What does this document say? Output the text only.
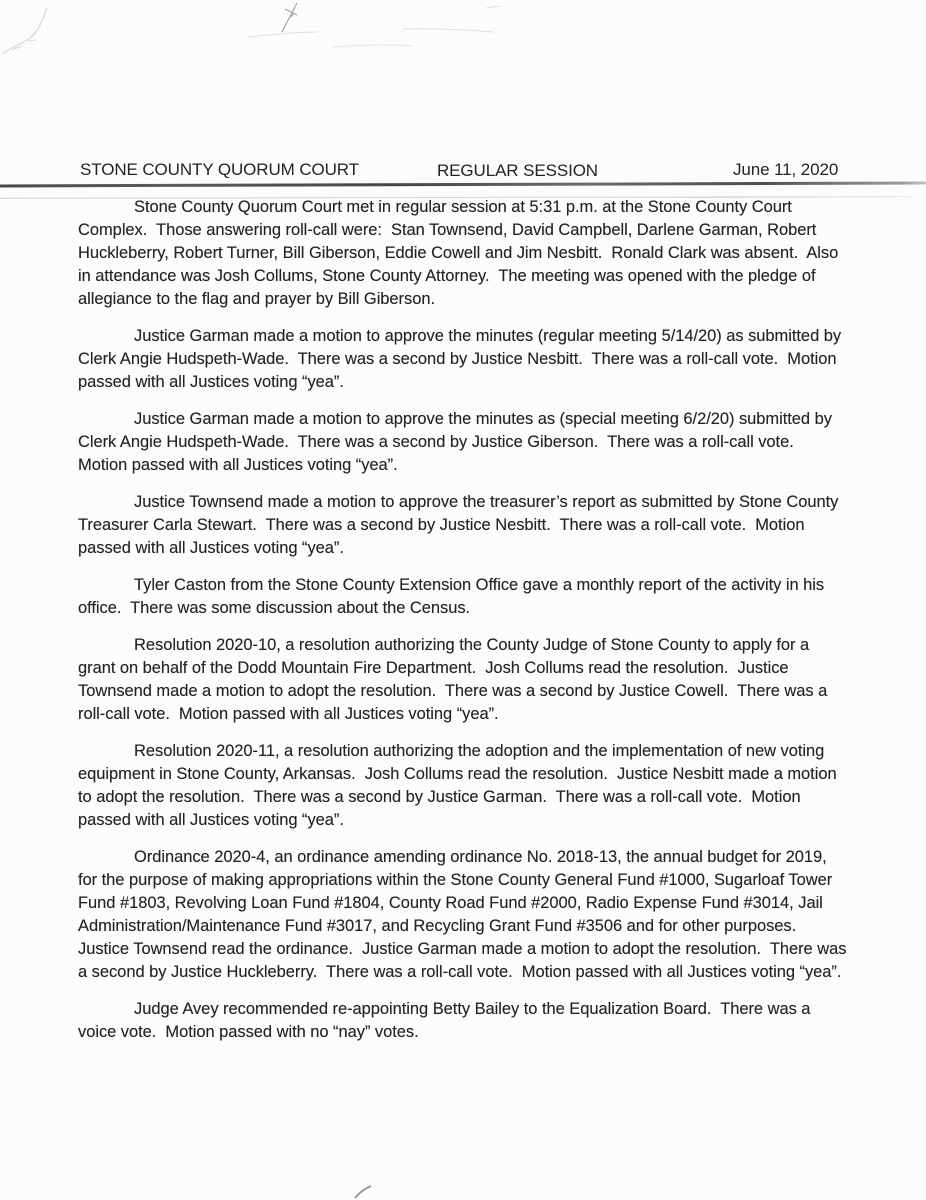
STONE COUNTY QUORUM COURT	REGULAR SESSION	June 11, 2020

Stone County Quorum Court met in regular session at 5:31 p.m. at the Stone County Court Complex.  Those answering roll-call were:  Stan Townsend, David Campbell, Darlene Garman, Robert Huckleberry, Robert Turner, Bill Giberson, Eddie Cowell and Jim Nesbitt.  Ronald Clark was absent.  Also in attendance was Josh Collums, Stone County Attorney.  The meeting was opened with the pledge of allegiance to the flag and prayer by Bill Giberson.

Justice Garman made a motion to approve the minutes (regular meeting 5/14/20) as submitted by Clerk Angie Hudspeth-Wade.  There was a second by Justice Nesbitt.  There was a roll-call vote.  Motion passed with all Justices voting “yea”.

Justice Garman made a motion to approve the minutes as (special meeting 6/2/20) submitted by Clerk Angie Hudspeth-Wade.  There was a second by Justice Giberson.  There was a roll-call vote.  Motion passed with all Justices voting “yea”.

Justice Townsend made a motion to approve the treasurer’s report as submitted by Stone County Treasurer Carla Stewart.  There was a second by Justice Nesbitt.  There was a roll-call vote.  Motion passed with all Justices voting “yea”.

Tyler Caston from the Stone County Extension Office gave a monthly report of the activity in his office.  There was some discussion about the Census.

Resolution 2020-10, a resolution authorizing the County Judge of Stone County to apply for a grant on behalf of the Dodd Mountain Fire Department.  Josh Collums read the resolution.  Justice Townsend made a motion to adopt the resolution.  There was a second by Justice Cowell.  There was a roll-call vote.  Motion passed with all Justices voting “yea”.

Resolution 2020-11, a resolution authorizing the adoption and the implementation of new voting equipment in Stone County, Arkansas.  Josh Collums read the resolution.  Justice Nesbitt made a motion to adopt the resolution.  There was a second by Justice Garman.  There was a roll-call vote.  Motion passed with all Justices voting “yea”.

Ordinance 2020-4, an ordinance amending ordinance No. 2018-13, the annual budget for 2019, for the purpose of making appropriations within the Stone County General Fund #1000, Sugarloaf Tower Fund #1803, Revolving Loan Fund #1804, County Road Fund #2000, Radio Expense Fund #3014, Jail Administration/Maintenance Fund #3017, and Recycling Grant Fund #3506 and for other purposes.  Justice Townsend read the ordinance.  Justice Garman made a motion to adopt the resolution.  There was a second by Justice Huckleberry.  There was a roll-call vote.  Motion passed with all Justices voting “yea”.

Judge Avey recommended re-appointing Betty Bailey to the Equalization Board.  There was a voice vote.  Motion passed with no “nay” votes.
